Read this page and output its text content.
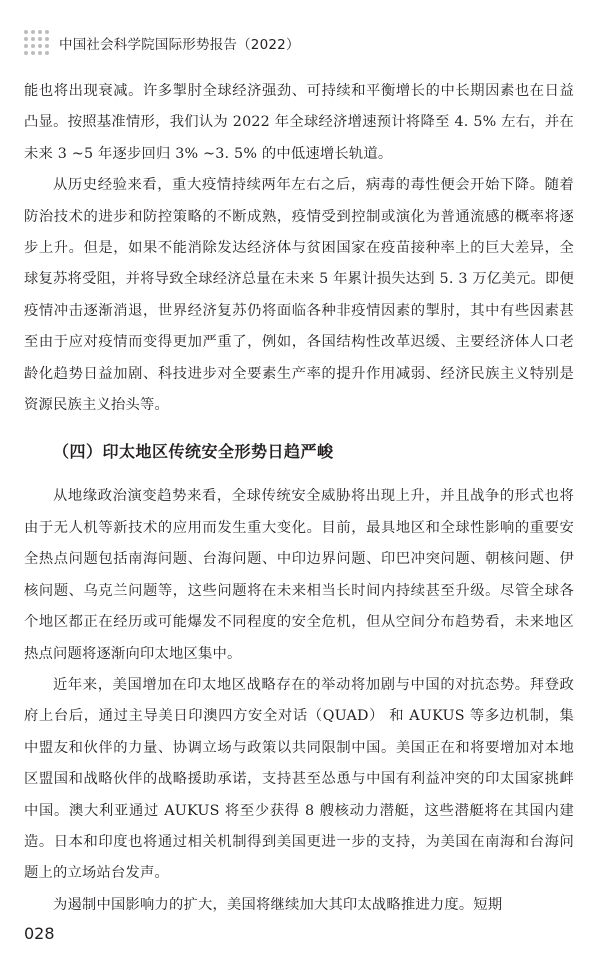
中国社会科学院国际形势报告（2022）

能也将出现衰减。许多掣肘全球经济强劲、可持续和平衡增长的中长期因素也在日益凸显。按照基准情形，我们认为 2022 年全球经济增速预计将降至 4. 5% 左右，并在未来 3 ~5 年逐步回归 3% ~3. 5% 的中低速增长轨道。

从历史经验来看，重大疫情持续两年左右之后，病毒的毒性便会开始下降。随着防治技术的进步和防控策略的不断成熟，疫情受到控制或演化为普通流感的概率将逐步上升。但是，如果不能消除发达经济体与贫困国家在疫苗接种率上的巨大差异，全球复苏将受阻，并将导致全球经济总量在未来 5 年累计损失达到 5. 3 万亿美元。即便疫情冲击逐渐消退，世界经济复苏仍将面临各种非疫情因素的掣肘，其中有些因素甚至由于应对疫情而变得更加严重了，例如，各国结构性改革迟缓、主要经济体人口老龄化趋势日益加剧、科技进步对全要素生产率的提升作用减弱、经济民族主义特别是资源民族主义抬头等。

（四）印太地区传统安全形势日趋严峻

从地缘政治演变趋势来看，全球传统安全威胁将出现上升，并且战争的形式也将由于无人机等新技术的应用而发生重大变化。目前，最具地区和全球性影响的重要安全热点问题包括南海问题、台海问题、中印边界问题、印巴冲突问题、朝核问题、伊核问题、乌克兰问题等，这些问题将在未来相当长时间内持续甚至升级。尽管全球各个地区都正在经历或可能爆发不同程度的安全危机，但从空间分布趋势看，未来地区热点问题将逐渐向印太地区集中。

近年来，美国增加在印太地区战略存在的举动将加剧与中国的对抗态势。拜登政府上台后，通过主导美日印澳四方安全对话（QUAD） 和 AUKUS 等多边机制，集中盟友和伙伴的力量、协调立场与政策以共同限制中国。美国正在和将要增加对本地区盟国和战略伙伴的战略援助承诺，支持甚至怂恿与中国有利益冲突的印太国家挑衅中国。澳大利亚通过 AUKUS 将至少获得 8 艘核动力潜艇，这些潜艇将在其国内建造。日本和印度也将通过相关机制得到美国更进一步的支持，为美国在南海和台海问题上的立场站台发声。

为遏制中国影响力的扩大，美国将继续加大其印太战略推进力度。短期

028
